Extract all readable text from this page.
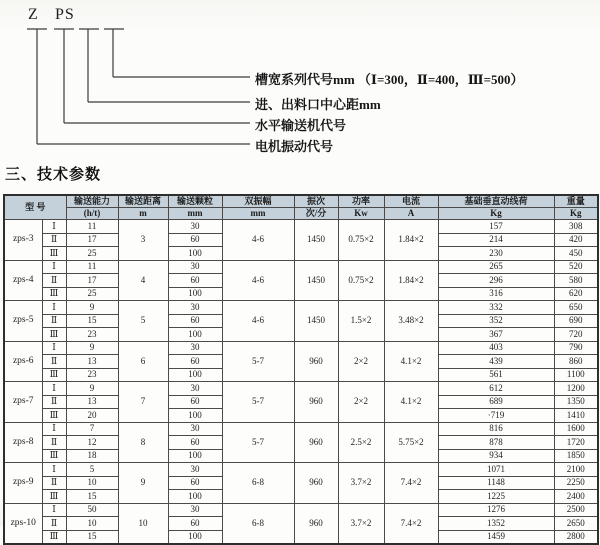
Z PS
槽宽系列代号mm （Ⅰ=300，Ⅱ=400，Ⅲ=500）
进、出料口中心距mm
水平输送机代号
电机振动代号
三、技术参数
型 号		输送能力	输送距离	输送颗粒	双振幅	振次	功率	电流	基础垂直动线荷	重量
		(h/t)	m	mm	mm	次/分	Kw	A	Kg	Kg
zps-3	Ⅰ	11	3	30	4-6	1450	0.75×2	1.84×2	157	308
	Ⅱ	17		60					214	420
	Ⅲ	25		100					230	450
zps-4	Ⅰ	11	4	30	4-6	1450	0.75×2	1.84×2	265	520
	Ⅱ	17		60					296	580
	Ⅲ	25		100					316	620
zps-5	Ⅰ	9	5	30	4-6	1450	1.5×2	3.48×2	332	650
	Ⅱ	15		60					352	690
	Ⅲ	23		100					367	720
zps-6	Ⅰ	9	6	30	5-7	960	2×2	4.1×2	403	790
	Ⅱ	13		60					439	860
	Ⅲ	23		100					561	1100
zps-7	Ⅰ	9	7	30	5-7	960	2×2	4.1×2	612	1200
	Ⅱ	13		60					689	1350
	Ⅲ	20		100					·719	1410
zps-8	Ⅰ	7	8	30	5-7	960	2.5×2	5.75×2	816	1600
	Ⅱ	12		60					878	1720
	Ⅲ	18		100					934	1850
zps-9	Ⅰ	5	9	30	6-8	960	3.7×2	7.4×2	1071	2100
	Ⅱ	10		60					1148	2250
	Ⅲ	15		100					1225	2400
zps-10	Ⅰ	50	10	30	6-8	960	3.7×2	7.4×2	1276	2500
	Ⅱ	10		60					1352	2650
	Ⅲ	15		100					1459	2800
